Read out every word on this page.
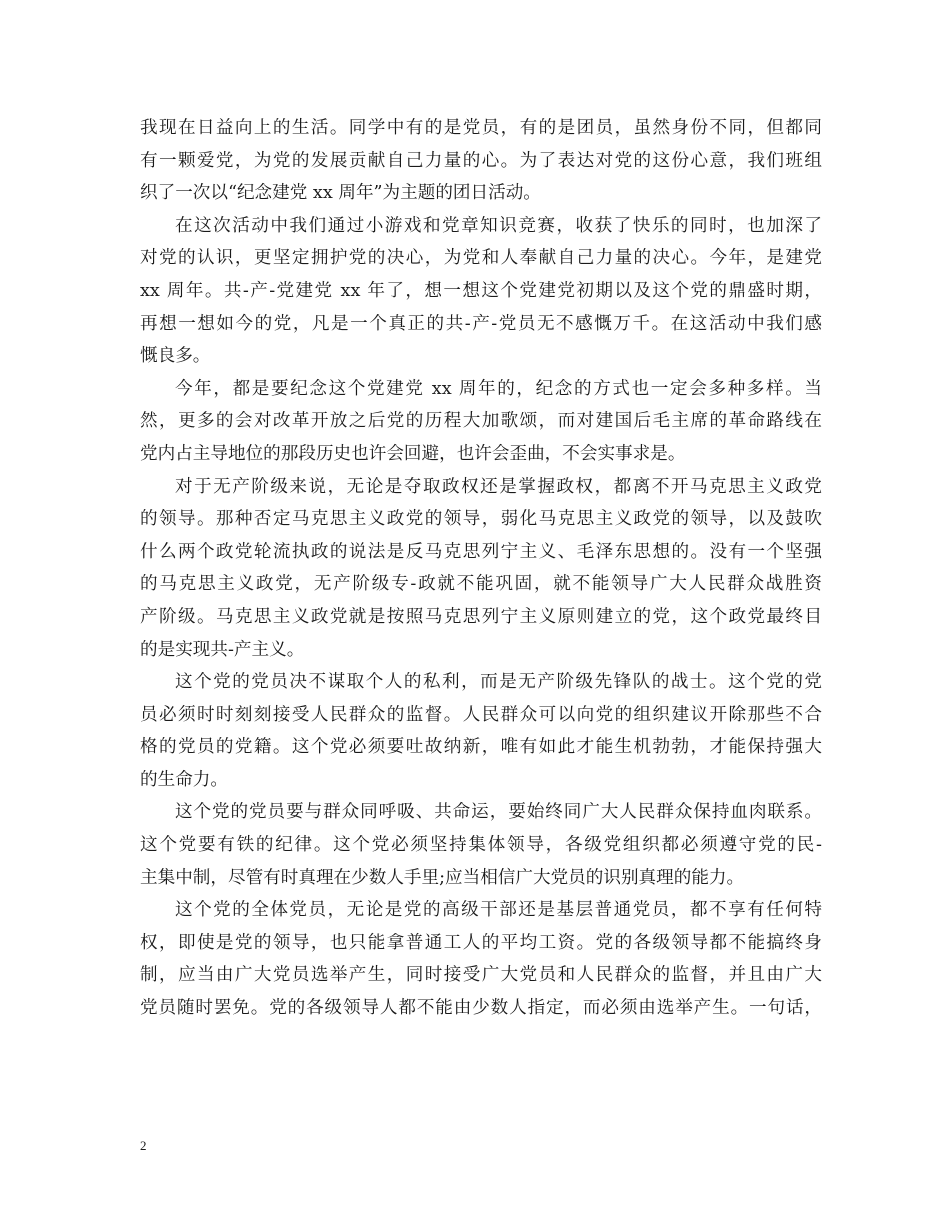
我现在日益向上的生活。同学中有的是党员，有的是团员，虽然身份不同，但都同
有一颗爱党，为党的发展贡献自己力量的心。为了表达对党的这份心意，我们班组
织了一次以“纪念建党 xx 周年”为主题的团日活动。
在这次活动中我们通过小游戏和党章知识竞赛，收获了快乐的同时，也加深了
对党的认识，更坚定拥护党的决心，为党和人奉献自己力量的决心。今年，是建党
xx 周年。共-产-党建党 xx 年了，想一想这个党建党初期以及这个党的鼎盛时期，
再想一想如今的党，凡是一个真正的共-产-党员无不感慨万千。在这活动中我们感
慨良多。
今年，都是要纪念这个党建党 xx 周年的，纪念的方式也一定会多种多样。当
然，更多的会对改革开放之后党的历程大加歌颂，而对建国后毛主席的革命路线在
党内占主导地位的那段历史也许会回避，也许会歪曲，不会实事求是。
对于无产阶级来说，无论是夺取政权还是掌握政权，都离不开马克思主义政党
的领导。那种否定马克思主义政党的领导，弱化马克思主义政党的领导，以及鼓吹
什么两个政党轮流执政的说法是反马克思列宁主义、毛泽东思想的。没有一个坚强
的马克思主义政党，无产阶级专-政就不能巩固，就不能领导广大人民群众战胜资
产阶级。马克思主义政党就是按照马克思列宁主义原则建立的党，这个政党最终目
的是实现共-产主义。
这个党的党员决不谋取个人的私利，而是无产阶级先锋队的战士。这个党的党
员必须时时刻刻接受人民群众的监督。人民群众可以向党的组织建议开除那些不合
格的党员的党籍。这个党必须要吐故纳新，唯有如此才能生机勃勃，才能保持强大
的生命力。
这个党的党员要与群众同呼吸、共命运，要始终同广大人民群众保持血肉联系。
这个党要有铁的纪律。这个党必须坚持集体领导，各级党组织都必须遵守党的民-
主集中制，尽管有时真理在少数人手里;应当相信广大党员的识别真理的能力。
这个党的全体党员，无论是党的高级干部还是基层普通党员，都不享有任何特
权，即使是党的领导，也只能拿普通工人的平均工资。党的各级领导都不能搞终身
制，应当由广大党员选举产生，同时接受广大党员和人民群众的监督，并且由广大
党员随时罢免。党的各级领导人都不能由少数人指定，而必须由选举产生。一句话，
2
